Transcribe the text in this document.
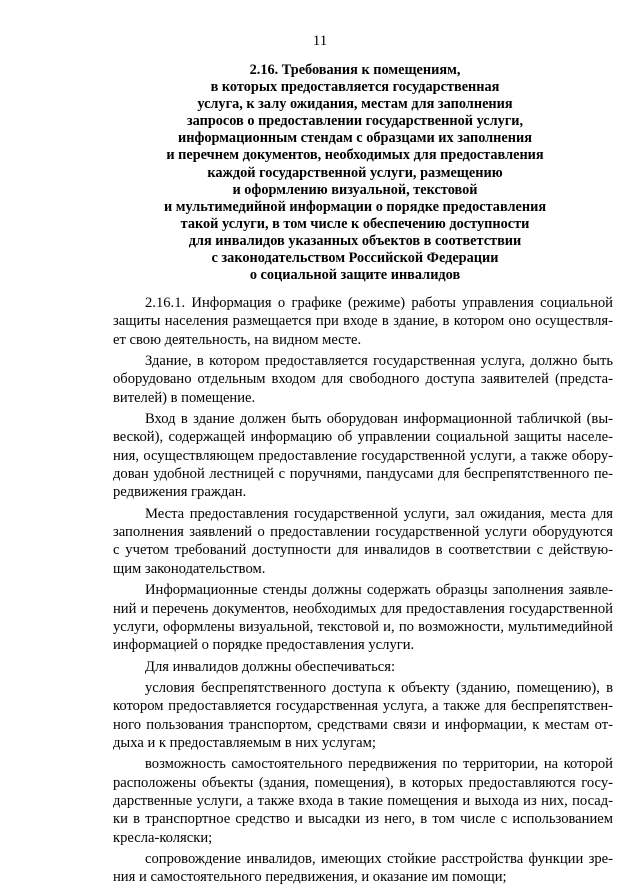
11
2.16. Требования к помещениям,
в которых предоставляется государственная
услуга, к залу ожидания, местам для заполнения
запросов о предоставлении государственной услуги,
информационным стендам с образцами их заполнения
и перечнем документов, необходимых для предоставления
каждой государственной услуги, размещению
и оформлению визуальной, текстовой
и мультимедийной информации о порядке предоставления
такой услуги, в том числе к обеспечению доступности
для инвалидов указанных объектов в соответствии
с законодательством Российской Федерации
о социальной защите инвалидов

2.16.1. Информация о графике (режиме) работы управления социальной
защиты населения размещается при входе в здание, в котором оно осуществля-
ет свою деятельность, на видном месте.

Здание, в котором предоставляется государственная услуга, должно быть
оборудовано отдельным входом для свободного доступа заявителей (предста-
вителей) в помещение.

Вход в здание должен быть оборудован информационной табличкой (вы-
веской), содержащей информацию об управлении социальной защиты населе-
ния, осуществляющем предоставление государственной услуги, а также обору-
дован удобной лестницей с поручнями, пандусами для беспрепятственного пе-
редвижения граждан.

Места предоставления государственной услуги, зал ожидания, места для
заполнения заявлений о предоставлении государственной услуги оборудуются
с учетом требований доступности для инвалидов в соответствии с действую-
щим законодательством.

Информационные стенды должны содержать образцы заполнения заявле-
ний и перечень документов, необходимых для предоставления государственной
услуги, оформлены визуальной, текстовой и, по возможности, мультимедийной
информацией о порядке предоставления услуги.

Для инвалидов должны обеспечиваться:

условия беспрепятственного доступа к объекту (зданию, помещению), в
котором предоставляется государственная услуга, а также для беспрепятствен-
ного пользования транспортом, средствами связи и информации, к местам от-
дыха и к предоставляемым в них услугам;

возможность самостоятельного передвижения по территории, на которой
расположены объекты (здания, помещения), в которых предоставляются госу-
дарственные услуги, а также входа в такие помещения и выхода из них, посад-
ки в транспортное средство и высадки из него, в том числе с использованием
кресла-коляски;

сопровождение инвалидов, имеющих стойкие расстройства функции зре-
ния и самостоятельного передвижения, и оказание им помощи;
